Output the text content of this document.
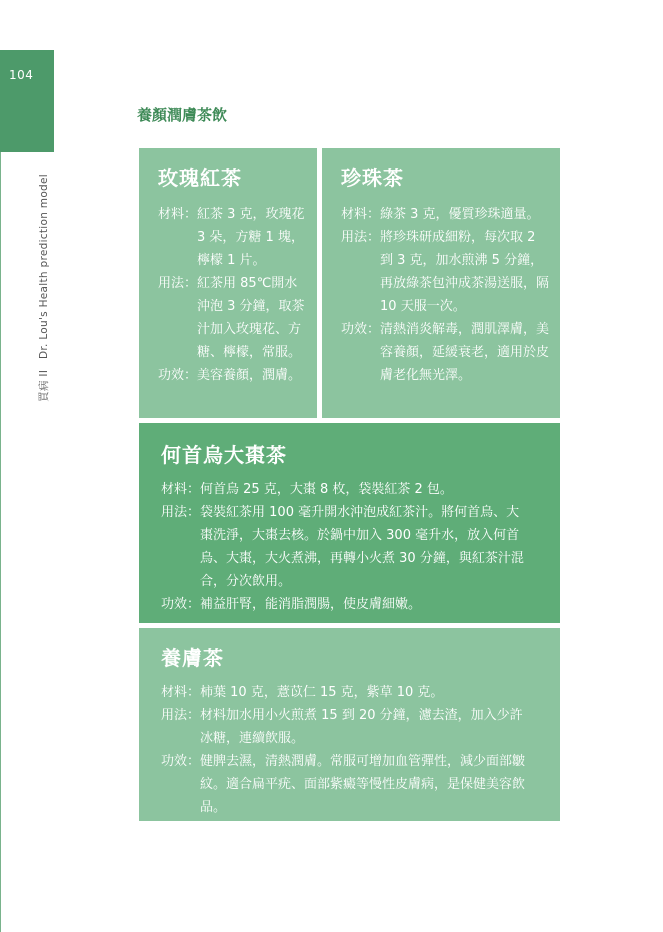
104
買病 II　Dr. Lou's Health prediction model
養顏潤膚茶飲
玫瑰紅茶
材料： 紅茶 3 克，玫瑰花 3 朵，方糖 1 塊，檸檬 1 片。
用法： 紅茶用 85℃開水沖泡 3 分鐘，取茶汁加入玫瑰花、方糖、檸檬，常服。
功效： 美容養顏，潤膚。
珍珠茶
材料： 綠茶 3 克，優質珍珠適量。
用法： 將珍珠研成細粉，每次取 2 到 3 克，加水煎沸 5 分鐘，再放綠茶包沖成茶湯送服，隔 10 天服一次。
功效： 清熱消炎解毒，潤肌澤膚，美容養顏，延緩衰老，適用於皮膚老化無光澤。
何首烏大棗茶
材料： 何首烏 25 克，大棗 8 枚，袋裝紅茶 2 包。
用法： 袋裝紅茶用 100 毫升開水沖泡成紅茶汁。將何首烏、大棗洗淨，大棗去核。於鍋中加入 300 毫升水，放入何首烏、大棗，大火煮沸，再轉小火煮 30 分鐘，與紅茶汁混合，分次飲用。
功效： 補益肝腎，能消脂潤腸，使皮膚細嫩。
養膚茶
材料： 柿葉 10 克，薏苡仁 15 克，紫草 10 克。
用法： 材料加水用小火煎煮 15 到 20 分鐘，濾去渣，加入少許冰糖，連續飲服。
功效： 健脾去濕，清熱潤膚。常服可增加血管彈性，減少面部皺紋。適合扁平疣、面部紫癜等慢性皮膚病，是保健美容飲品。
